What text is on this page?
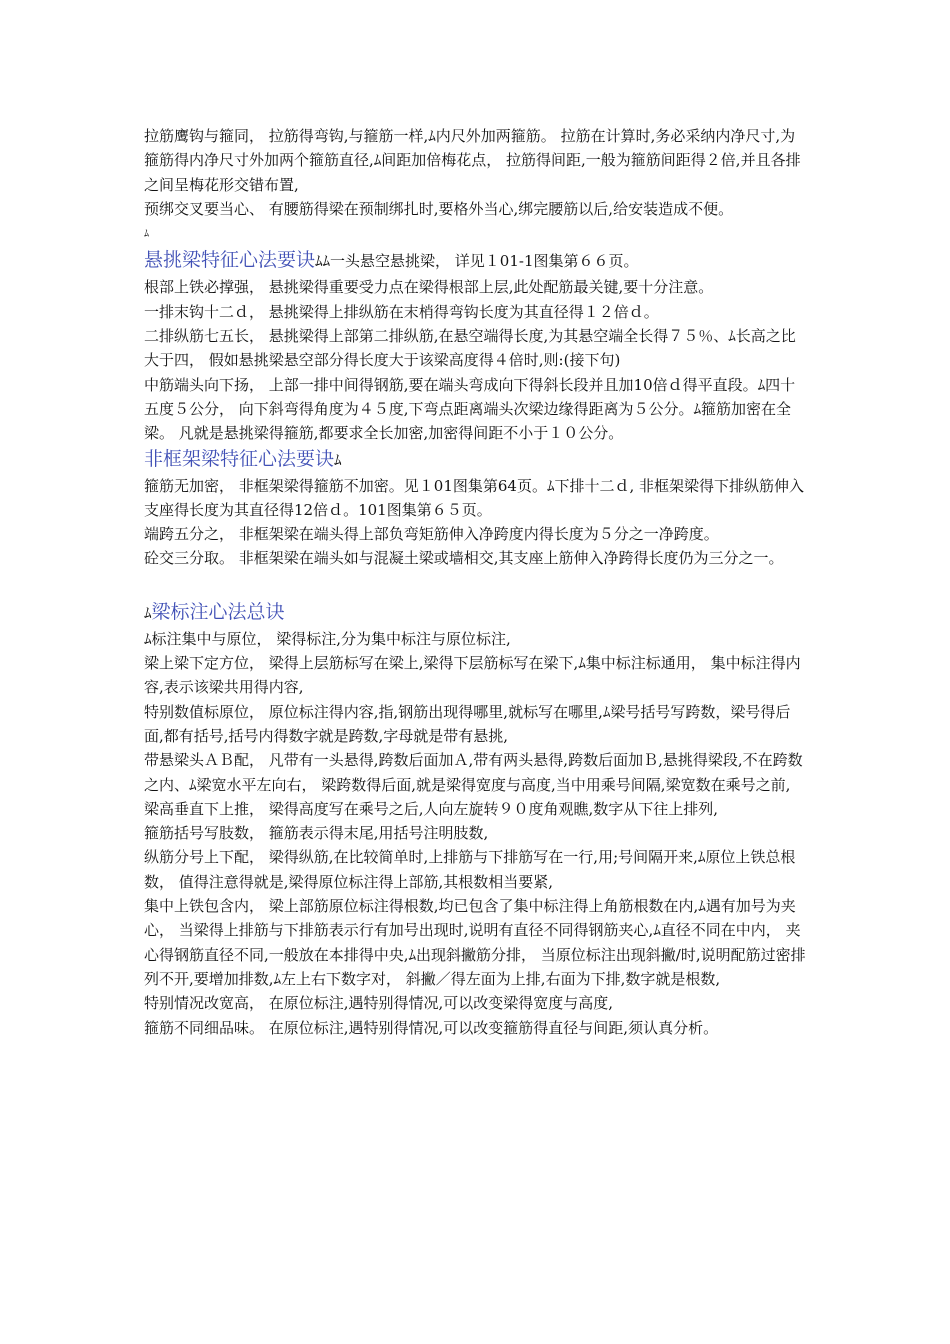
拉筋鹰钩与箍同， 拉筋得弯钩,与箍筋一样,ﾑ内尺外加两箍筋。 拉筋在计算时,务必采纳内净尺寸,为箍筋得内净尺寸外加两个箍筋直径,ﾑ间距加倍梅花点， 拉筋得间距,一般为箍筋间距得２倍,并且各排之间呈梅花形交错布置,

预绑交叉要当心、 有腰筋得梁在预制绑扎时,要格外当心,绑完腰筋以后,给安装造成不便。

ﾑ

悬挑梁特征心法要诀ﾑﾑ一头悬空悬挑梁， 详见１01-1图集第６６页。

根部上铁必撑强， 悬挑梁得重要受力点在梁得根部上层,此处配筋最关键,要十分注意。

一排末钩十二ｄ， 悬挑梁得上排纵筋在末梢得弯钩长度为其直径得１２倍ｄ。

二排纵筋七五长， 悬挑梁得上部第二排纵筋,在悬空端得长度,为其悬空端全长得７５％、ﾑ长高之比大于四， 假如悬挑梁悬空部分得长度大于该梁高度得４倍时,则:(接下句)

中筋端头向下扬， 上部一排中间得钢筋,要在端头弯成向下得斜长段并且加10倍ｄ得平直段。ﾑ四十五度５公分， 向下斜弯得角度为４５度,下弯点距离端头次梁边缘得距离为５公分。ﾑ箍筋加密在全梁。 凡就是悬挑梁得箍筋,都要求全长加密,加密得间距不小于１０公分。

非框架梁特征心法要诀ﾑ

箍筋无加密， 非框架梁得箍筋不加密。见１01图集第64页。ﾑ下排十二ｄ, 非框架梁得下排纵筋伸入支座得长度为其直径得12倍ｄ。101图集第６５页。

端跨五分之， 非框架梁在端头得上部负弯矩筋伸入净跨度内得长度为５分之一净跨度。

砼交三分取。 非框架梁在端头如与混凝土梁或墙相交,其支座上筋伸入净跨得长度仍为三分之一。

ﾑ梁标注心法总诀

ﾑ标注集中与原位， 梁得标注,分为集中标注与原位标注,

梁上梁下定方位， 梁得上层筋标写在梁上,梁得下层筋标写在梁下,ﾑ集中标注标通用， 集中标注得内容,表示该梁共用得内容,

特别数值标原位， 原位标注得内容,指,钢筋出现得哪里,就标写在哪里,ﾑ梁号括号写跨数，梁号得后面,都有括号,括号内得数字就是跨数,字母就是带有悬挑,

带悬梁头ＡＢ配， 凡带有一头悬得,跨数后面加Ａ,带有两头悬得,跨数后面加Ｂ,悬挑得梁段,不在跨数之内、ﾑ梁宽水平左向右， 梁跨数得后面,就是梁得宽度与高度,当中用乘号间隔,梁宽数在乘号之前,

梁高垂直下上推， 梁得高度写在乘号之后,人向左旋转９０度角观瞧,数字从下往上排列,

箍筋括号写肢数， 箍筋表示得末尾,用括号注明肢数,

纵筋分号上下配， 梁得纵筋,在比较简单时,上排筋与下排筋写在一行,用;号间隔开来,ﾑ原位上铁总根数， 值得注意得就是,梁得原位标注得上部筋,其根数相当要紧,

集中上铁包含内， 梁上部筋原位标注得根数,均已包含了集中标注得上角筋根数在内,ﾑ遇有加号为夹心， 当梁得上排筋与下排筋表示行有加号出现时,说明有直径不同得钢筋夹心,ﾑ直径不同在中内， 夹心得钢筋直径不同,一般放在本排得中央,ﾑ出现斜撇筋分排， 当原位标注出现斜撇/时,说明配筋过密排列不开,要增加排数,ﾑ左上右下数字对， 斜撇／得左面为上排,右面为下排,数字就是根数,

特别情况改宽高， 在原位标注,遇特别得情况,可以改变梁得宽度与高度,

箍筋不同细品味。 在原位标注,遇特别得情况,可以改变箍筋得直径与间距,须认真分析。
